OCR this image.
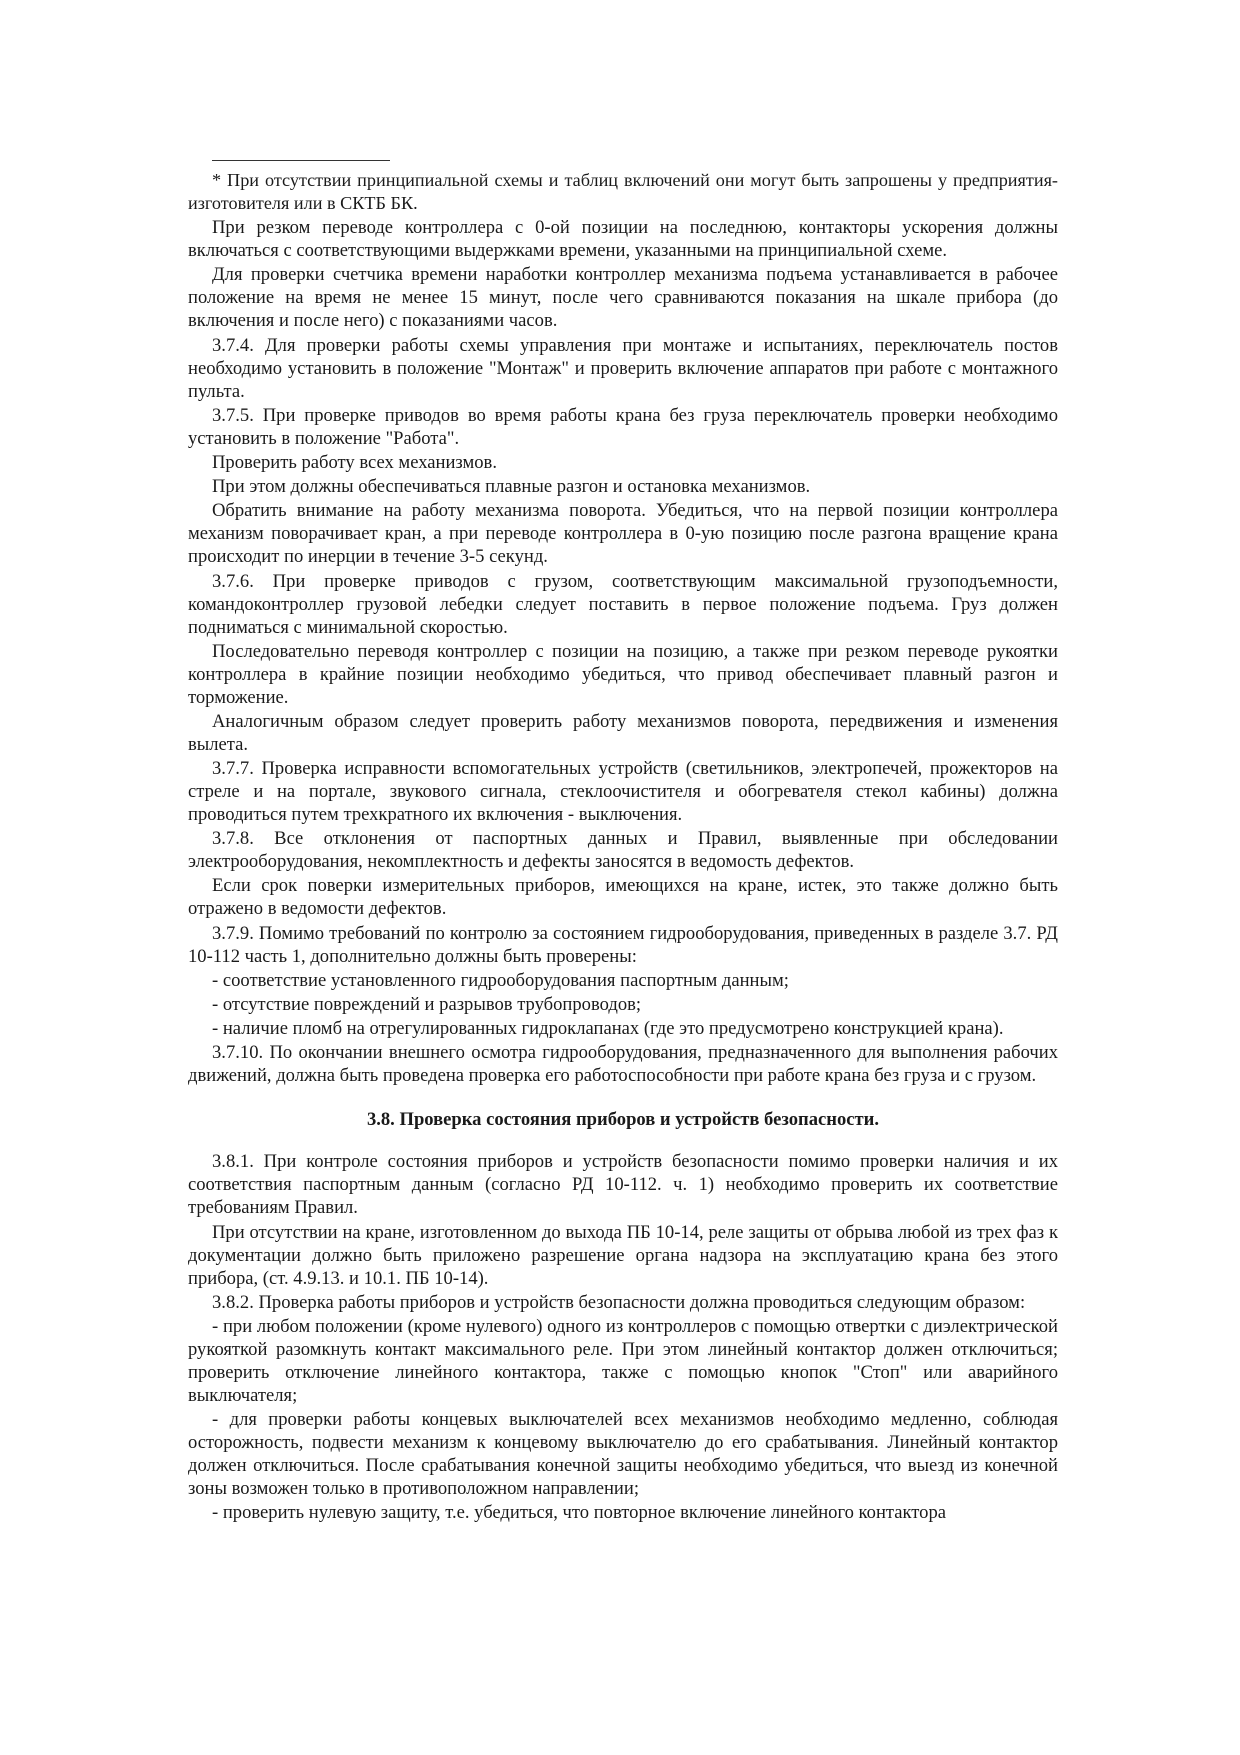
* При отсутствии принципиальной схемы и таблиц включений они могут быть запрошены у предприятия-изготовителя или в СКТБ БК.

При резком переводе контроллера с 0-ой позиции на последнюю, контакторы ускорения должны включаться с соответствующими выдержками времени, указанными на принципиальной схеме.

Для проверки счетчика времени наработки контроллер механизма подъема устанавливается в рабочее положение на время не менее 15 минут, после чего сравниваются показания на шкале прибора (до включения и после него) с показаниями часов.

3.7.4. Для проверки работы схемы управления при монтаже и испытаниях, переключатель постов необходимо установить в положение "Монтаж" и проверить включение аппаратов при работе с монтажного пульта.

3.7.5. При проверке приводов во время работы крана без груза переключатель проверки необходимо установить в положение "Работа".

Проверить работу всех механизмов.

При этом должны обеспечиваться плавные разгон и остановка механизмов.

Обратить внимание на работу механизма поворота. Убедиться, что на первой позиции контроллера механизм поворачивает кран, а при переводе контроллера в 0-ую позицию после разгона вращение крана происходит по инерции в течение 3-5 секунд.

3.7.6. При проверке приводов с грузом, соответствующим максимальной грузоподъемности, командоконтроллер грузовой лебедки следует поставить в первое положение подъема. Груз должен подниматься с минимальной скоростью.

Последовательно переводя контроллер с позиции на позицию, а также при резком переводе рукоятки контроллера в крайние позиции необходимо убедиться, что привод обеспечивает плавный разгон и торможение.

Аналогичным образом следует проверить работу механизмов поворота, передвижения и изменения вылета.

3.7.7. Проверка исправности вспомогательных устройств (светильников, электропечей, прожекторов на стреле и на портале, звукового сигнала, стеклоочистителя и обогревателя стекол кабины) должна проводиться путем трехкратного их включения - выключения.

3.7.8. Все отклонения от паспортных данных и Правил, выявленные при обследовании электрооборудования, некомплектность и дефекты заносятся в ведомость дефектов.

Если срок поверки измерительных приборов, имеющихся на кране, истек, это также должно быть отражено в ведомости дефектов.

3.7.9. Помимо требований по контролю за состоянием гидрооборудования, приведенных в разделе 3.7. РД 10-112 часть 1, дополнительно должны быть проверены:

- соответствие установленного гидрооборудования паспортным данным;

- отсутствие повреждений и разрывов трубопроводов;

- наличие пломб на отрегулированных гидроклапанах (где это предусмотрено конструкцией крана).

3.7.10. По окончании внешнего осмотра гидрооборудования, предназначенного для выполнения рабочих движений, должна быть проведена проверка его работоспособности при работе крана без груза и с грузом.

3.8. Проверка состояния приборов и устройств безопасности.

3.8.1. При контроле состояния приборов и устройств безопасности помимо проверки наличия и их соответствия паспортным данным (согласно РД 10-112. ч. 1) необходимо проверить их соответствие требованиям Правил.

При отсутствии на кране, изготовленном до выхода ПБ 10-14, реле защиты от обрыва любой из трех фаз к документации должно быть приложено разрешение органа надзора на эксплуатацию крана без этого прибора, (ст. 4.9.13. и 10.1. ПБ 10-14).

3.8.2. Проверка работы приборов и устройств безопасности должна проводиться следующим образом:

- при любом положении (кроме нулевого) одного из контроллеров с помощью отвертки с диэлектрической рукояткой разомкнуть контакт максимального реле. При этом линейный контактор должен отключиться; проверить отключение линейного контактора, также с помощью кнопок "Стоп" или аварийного выключателя;

- для проверки работы концевых выключателей всех механизмов необходимо медленно, соблюдая осторожность, подвести механизм к концевому выключателю до его срабатывания. Линейный контактор должен отключиться. После срабатывания конечной защиты необходимо убедиться, что выезд из конечной зоны возможен только в противоположном направлении;

- проверить нулевую защиту, т.е. убедиться, что повторное включение линейного контактора
